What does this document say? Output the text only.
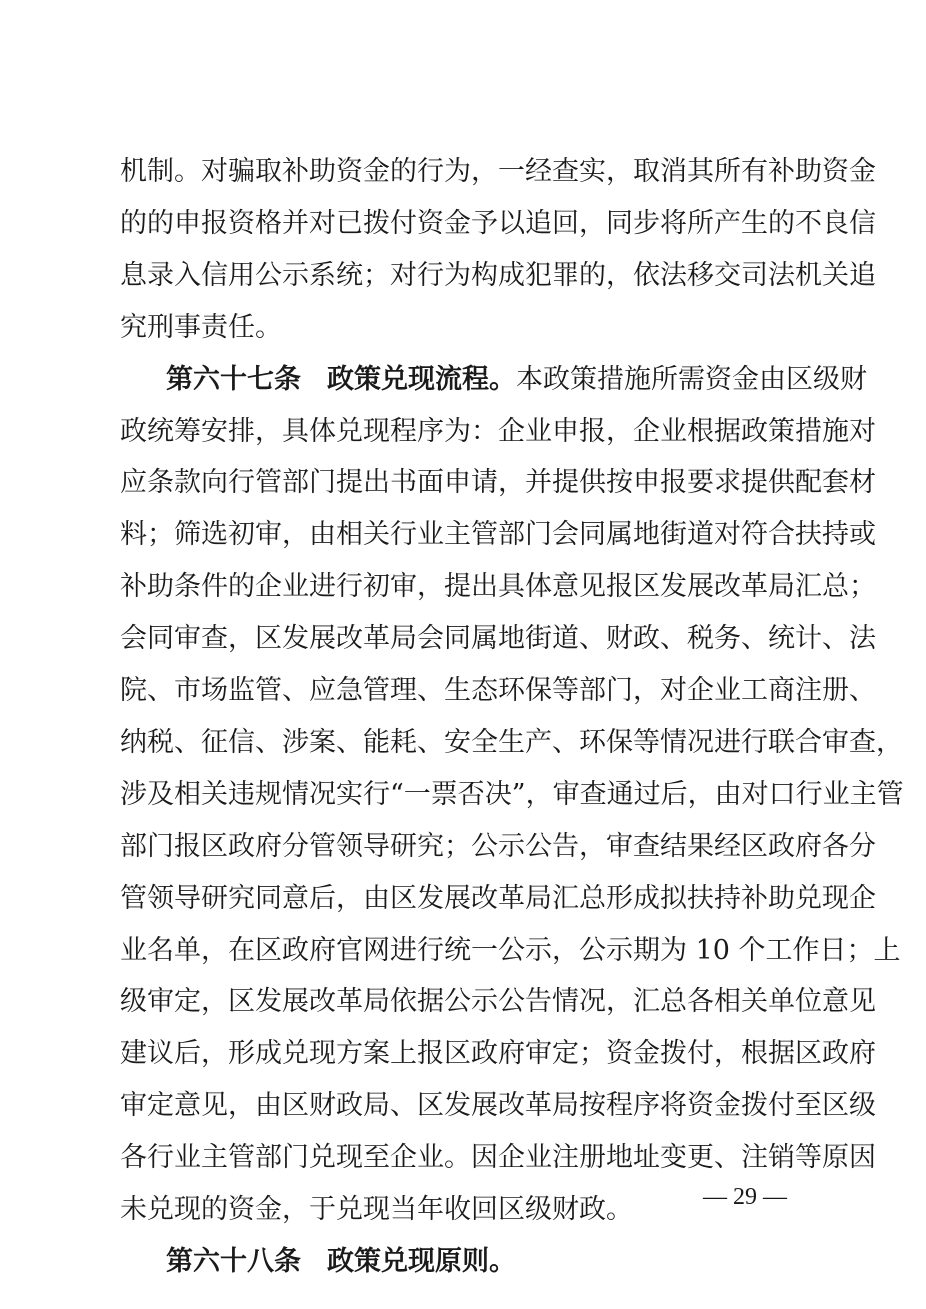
机制。对骗取补助资金的行为，一经查实，取消其所有补助资金
的的申报资格并对已拨付资金予以追回，同步将所产生的不良信
息录入信用公示系统；对行为构成犯罪的，依法移交司法机关追
究刑事责任。
第六十七条 政策兑现流程。本政策措施所需资金由区级财
政统筹安排，具体兑现程序为：企业申报，企业根据政策措施对
应条款向行管部门提出书面申请，并提供按申报要求提供配套材
料；筛选初审，由相关行业主管部门会同属地街道对符合扶持或
补助条件的企业进行初审，提出具体意见报区发展改革局汇总；
会同审查，区发展改革局会同属地街道、财政、税务、统计、法
院、市场监管、应急管理、生态环保等部门，对企业工商注册、
纳税、征信、涉案、能耗、安全生产、环保等情况进行联合审查，
涉及相关违规情况实行“一票否决”，审查通过后，由对口行业主管
部门报区政府分管领导研究；公示公告，审查结果经区政府各分
管领导研究同意后，由区发展改革局汇总形成拟扶持补助兑现企
业名单，在区政府官网进行统一公示，公示期为 10 个工作日；上
级审定，区发展改革局依据公示公告情况，汇总各相关单位意见
建议后，形成兑现方案上报区政府审定；资金拨付，根据区政府
审定意见，由区财政局、区发展改革局按程序将资金拨付至区级
各行业主管部门兑现至企业。因企业注册地址变更、注销等原因
未兑现的资金，于兑现当年收回区级财政。
第六十八条 政策兑现原则。
— 29 —
